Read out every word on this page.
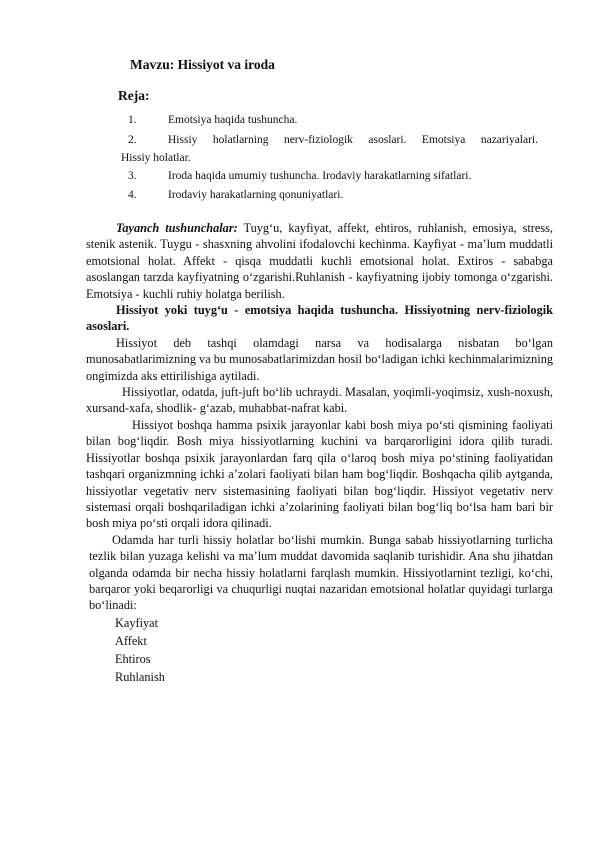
Mavzu: Hissiyot va iroda
Reja:
1.	Emotsiya haqida tushuncha.
2.	Hissiy holatlarning nerv-fiziologik asoslari. Emotsiya nazariyalari.
Hissiy holatlar.
3.	Iroda haqida umumiy tushuncha. Irodaviy harakatlarning sifatlari.
4.	Irodaviy harakatlarning qonuniyatlari.

Tayanch tushunchalar: Tuyg‘u, kayfiyat, affekt, ehtiros, ruhlanish, emosiya, stress, stenik astenik. Tuygu - shasxning ahvolini ifodalovchi kechinma. Kayfiyat - ma’lum muddatli emotsional holat. Affekt - qisqa muddatli kuchli emotsional holat. Extiros - sababga asoslangan tarzda kayfiyatning o‘zgarishi.Ruhlanish - kayfiyatning ijobiy tomonga o‘zgarishi. Emotsiya - kuchli ruhiy holatga berilish.

Hissiyot yoki tuyg‘u - emotsiya haqida tushuncha. Hissiyotning nerv-fiziologik asoslari.

Hissiyot deb tashqi olamdagi narsa va hodisalarga nisbatan bo‘lgan munosabatlarimizning va bu munosabatlarimizdan hosil bo‘ladigan ichki kechinmalarimizning ongimizda aks ettirilishiga aytiladi.

Hissiyotlar, odatda, juft-juft bo‘lib uchraydi. Masalan, yoqimli-yoqimsiz, xush-noxush, xursand-xafa, shodlik- g‘azab, muhabbat-nafrat kabi.

Hissiyot boshqa hamma psixik jarayonlar kabi bosh miya po‘sti qismining faoliyati bilan bog‘liqdir. Bosh miya hissiyotlarning kuchini va barqarorligini idora qilib turadi. Hissiyotlar boshqa psixik jarayonlardan farq qila o‘laroq bosh miya po‘stining faoliyatidan tashqari organizmning ichki a’zolari faoliyati bilan ham bog‘liqdir. Boshqacha qilib aytganda, hissiyotlar vegetativ nerv sistemasining faoliyati bilan bog‘liqdir. Hissiyot vegetativ nerv sistemasi orqali boshqariladigan ichki a’zolarining faoliyati bilan bog‘liq bo‘lsa ham bari bir bosh miya po‘sti orqali idora qilinadi.

Odamda har turli hissiy holatlar bo‘lishi mumkin. Bunga sabab hissiyotlarning turlicha tezlik bilan yuzaga kelishi va ma’lum muddat davomida saqlanib turishidir. Ana shu jihatdan olganda odamda bir necha hissiy holatlarni farqlash mumkin. Hissiyotlarnint tezligi, ko‘chi, barqaror yoki beqarorligi va chuqurligi nuqtai nazaridan emotsional holatlar quyidagi turlarga bo‘linadi:

Kayfiyat
Affekt
Ehtiros
Ruhlanish
